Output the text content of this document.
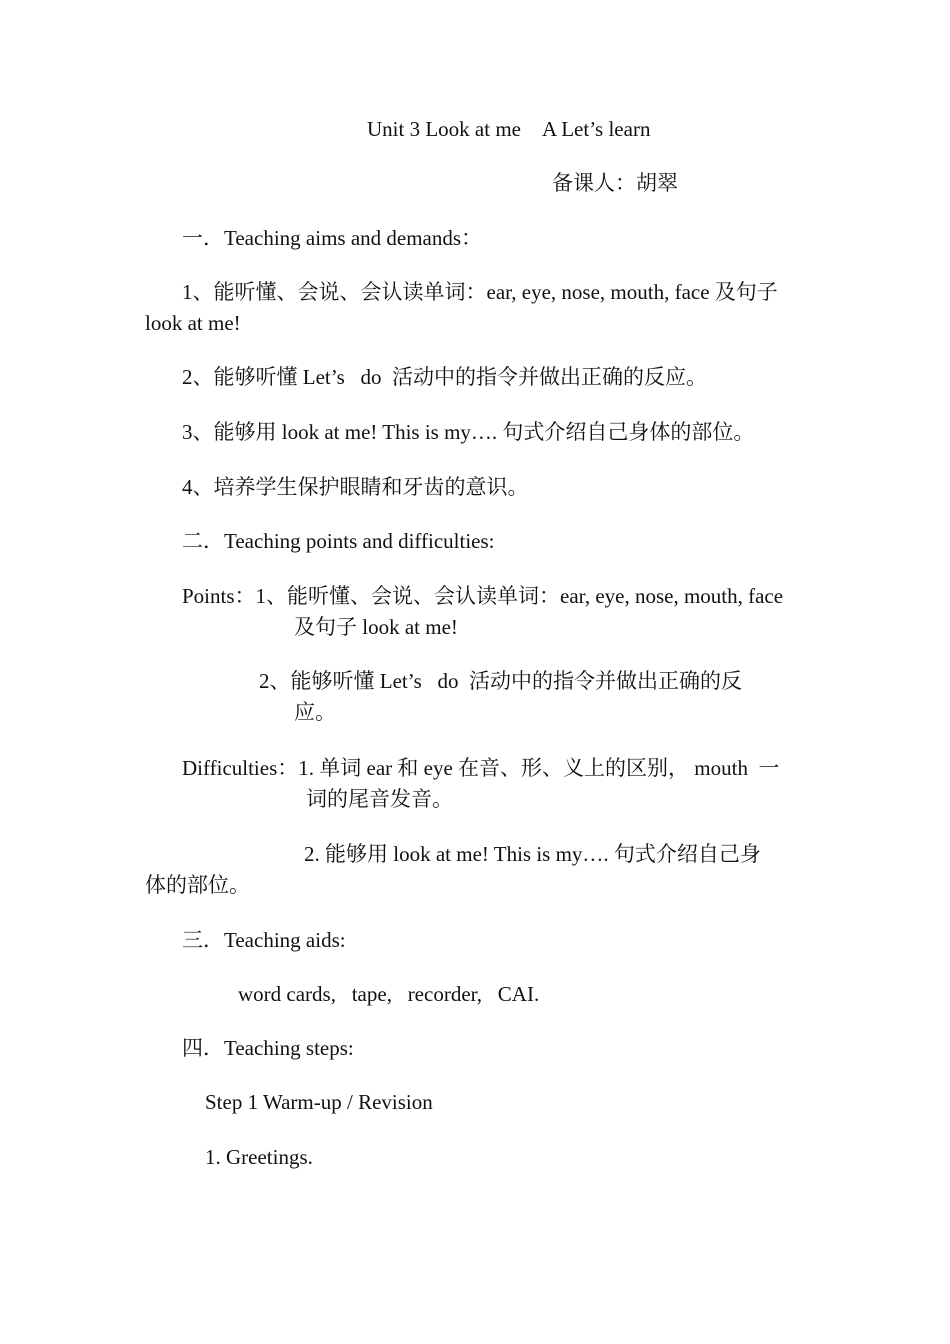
Unit 3 Look at me    A Let’s learn
备课人：胡翠
一．Teaching aims and demands：
1、能听懂、会说、会认读单词：ear, eye, nose, mouth, face 及句子
look at me!
2、能够听懂 Let’s   do  活动中的指令并做出正确的反应。
3、能够用 look at me! This is my…. 句式介绍自己身体的部位。
4、培养学生保护眼睛和牙齿的意识。
二．Teaching points and difficulties:
Points：1、能听懂、会说、会认读单词：ear, eye, nose, mouth, face
及句子 look at me!
2、能够听懂 Let’s   do  活动中的指令并做出正确的反
应。
Difficulties：1. 单词 ear 和 eye 在音、形、义上的区别， mouth  一
词的尾音发音。
2. 能够用 look at me! This is my…. 句式介绍自己身
体的部位。
三．Teaching aids:
word cards,   tape,   recorder,   CAI.
四．Teaching steps:
Step 1 Warm-up / Revision
1. Greetings.
